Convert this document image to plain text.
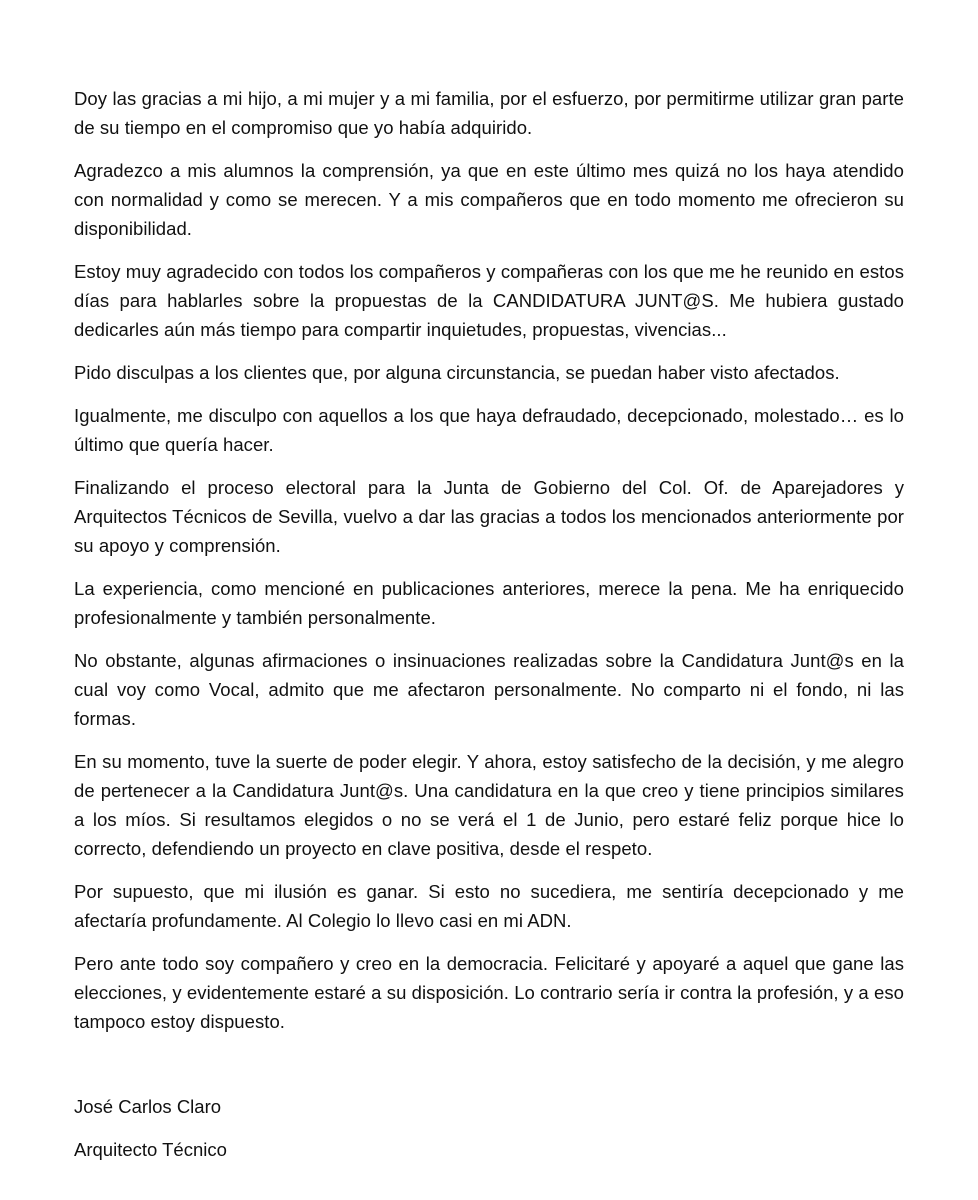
Doy las gracias a mi hijo, a mi mujer y a mi familia, por el esfuerzo, por permitirme utilizar gran parte de su tiempo en el compromiso que yo había adquirido.

Agradezco a mis alumnos la comprensión, ya que en este último mes quizá no los haya atendido con normalidad y como se merecen. Y a mis compañeros que en todo momento me ofrecieron su disponibilidad.

Estoy muy agradecido con todos los compañeros y compañeras con los que me he reunido en estos días para hablarles sobre la propuestas de la CANDIDATURA JUNT@S. Me hubiera gustado dedicarles aún más tiempo para compartir inquietudes, propuestas, vivencias...

Pido disculpas a los clientes que, por alguna circunstancia, se puedan haber visto afectados.

Igualmente, me disculpo con aquellos a los que haya defraudado, decepcionado, molestado… es lo último que quería hacer.

Finalizando el proceso electoral para la Junta de Gobierno del Col. Of. de Aparejadores y Arquitectos Técnicos de Sevilla, vuelvo a dar las gracias a todos los mencionados anteriormente por su apoyo y comprensión.

La experiencia, como mencioné en publicaciones anteriores, merece la pena. Me ha enriquecido profesionalmente y también personalmente.

No obstante, algunas afirmaciones o insinuaciones realizadas sobre la Candidatura Junt@s en la cual voy como Vocal, admito que me afectaron personalmente. No comparto ni el fondo, ni las formas.

En su momento, tuve la suerte de poder elegir. Y ahora, estoy satisfecho de la decisión, y me alegro de pertenecer a la Candidatura Junt@s. Una candidatura en la que creo y tiene principios similares a los míos. Si resultamos elegidos o no se verá el 1 de Junio, pero estaré feliz porque hice lo correcto, defendiendo un proyecto en clave positiva, desde el respeto.

Por supuesto, que mi ilusión es ganar. Si esto no sucediera, me sentiría decepcionado y me afectaría profundamente. Al Colegio lo llevo casi en mi ADN.

Pero ante todo soy compañero y creo en la democracia. Felicitaré y apoyaré a aquel que gane las elecciones, y evidentemente estaré a su disposición. Lo contrario sería ir contra la profesión, y a eso tampoco estoy dispuesto.

José Carlos Claro

Arquitecto Técnico
